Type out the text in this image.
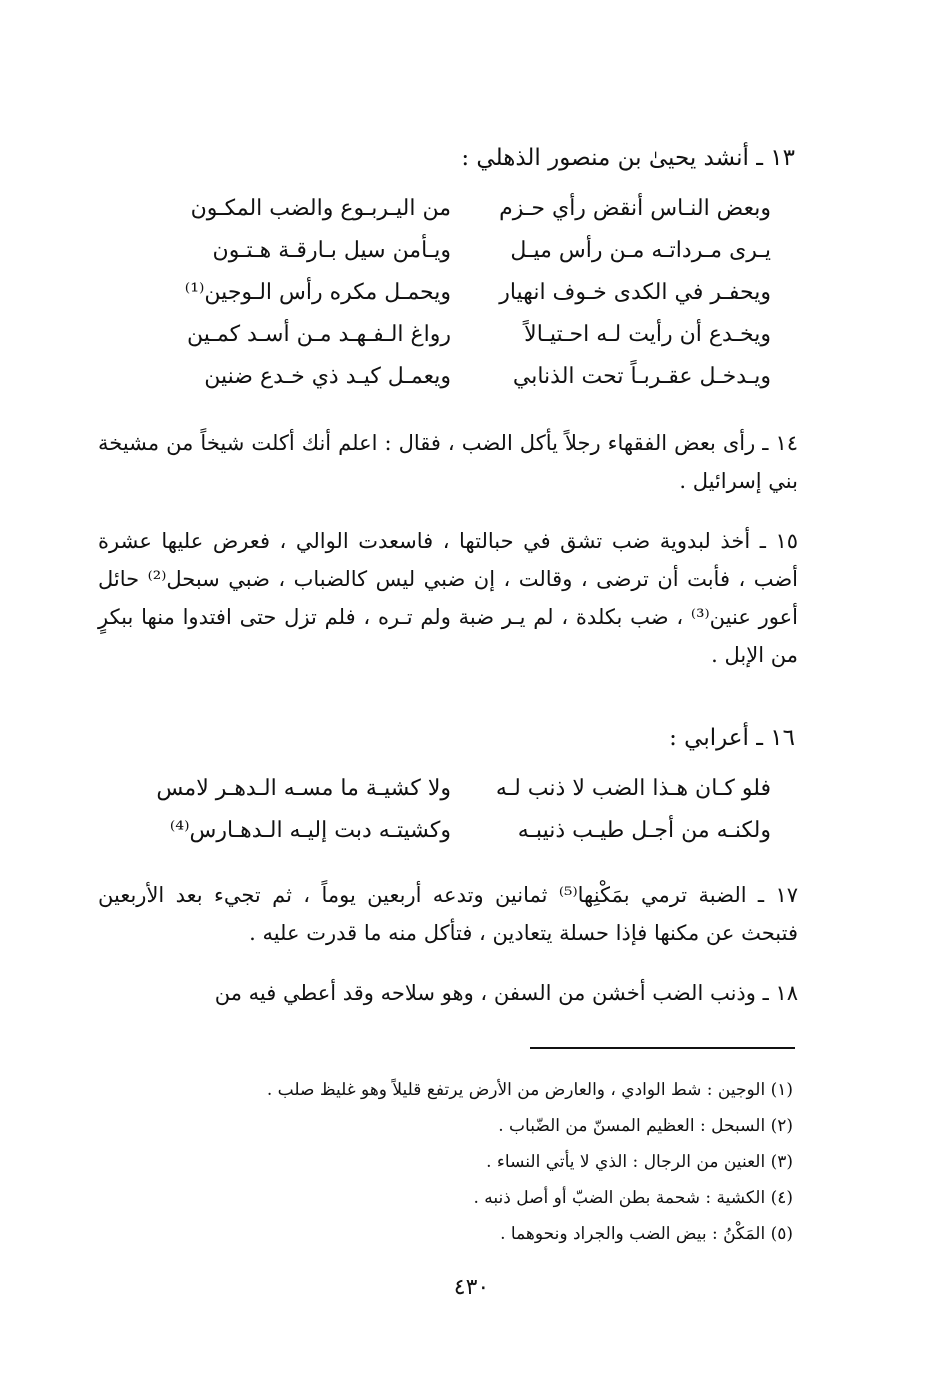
١٣ ـ أنشد يحيىٰ بن منصور الذهلي :
وبعض النـاس أنقض رأي حـزم
من اليـربـوع والضب المكـون
يـرى مـرداتـه مـن رأس ميـل
ويـأمن سيل بـارقـة هـتـون
ويحفـر في الكدى خـوف انهيار
ويحمـل مكره رأس الـوجين⁽¹⁾
ويخـدع أن رأيت لـه احـتيـالاً
رواغ الـفـهـد مـن أسـد كمـين
ويـدخـل عقـربـاً تحت الذنابي
ويعمـل كيـد ذي خـدع ضنين

١٤ ـ رأى بعض الفقهاء رجلاً يأكل الضب ، فقال : اعلم أنك أكلت شيخاً من مشيخة بني إسرائيل .

١٥ ـ أخذ لبدوية ضب تشق في حبالتها ، فاسعدت الوالي ، فعرض عليها عشرة أضب ، فأبت أن ترضى ، وقالت ، إن ضبي ليس كالضباب ، ضبي سبحل⁽²⁾ حائل أعور عنين⁽³⁾ ، ضب بكلدة ، لم يـر ضبة ولم تـره ، فلم تزل حتى افتدوا منها ببكرٍ من الإبل .

١٦ ـ أعرابي :
فلو كـان هـذا الضب لا ذنب لـه
ولا كشيـة ما مسـه الـدهـر لامس
ولكنـه من أجـل طيـب ذنيبـه
وكشيتـه دبت إليـه الـدهـارس⁽⁴⁾

١٧ ـ الضبة ترمي بمَكْنِها⁽⁵⁾ ثمانين وتدعه أربعين يوماً ، ثم تجيء بعد الأربعين فتبحث عن مكنها فإذا حسلة يتعادين ، فتأكل منه ما قدرت عليه .

١٨ ـ وذنب الضب أخشن من السفن ، وهو سلاحه وقد أعطي فيه من

(١) الوجين : شط الوادي ، والعارض من الأرض يرتفع قليلاً وهو غليظ صلب .
(٢) السبحل : العظيم المسنّ من الضّباب .
(٣) العنين من الرجال : الذي لا يأتي النساء .
(٤) الكشية : شحمة بطن الضبّ أو أصل ذنبه .
(٥) المَكْنُ : بيض الضب والجراد ونحوهما .
٤٣٠
